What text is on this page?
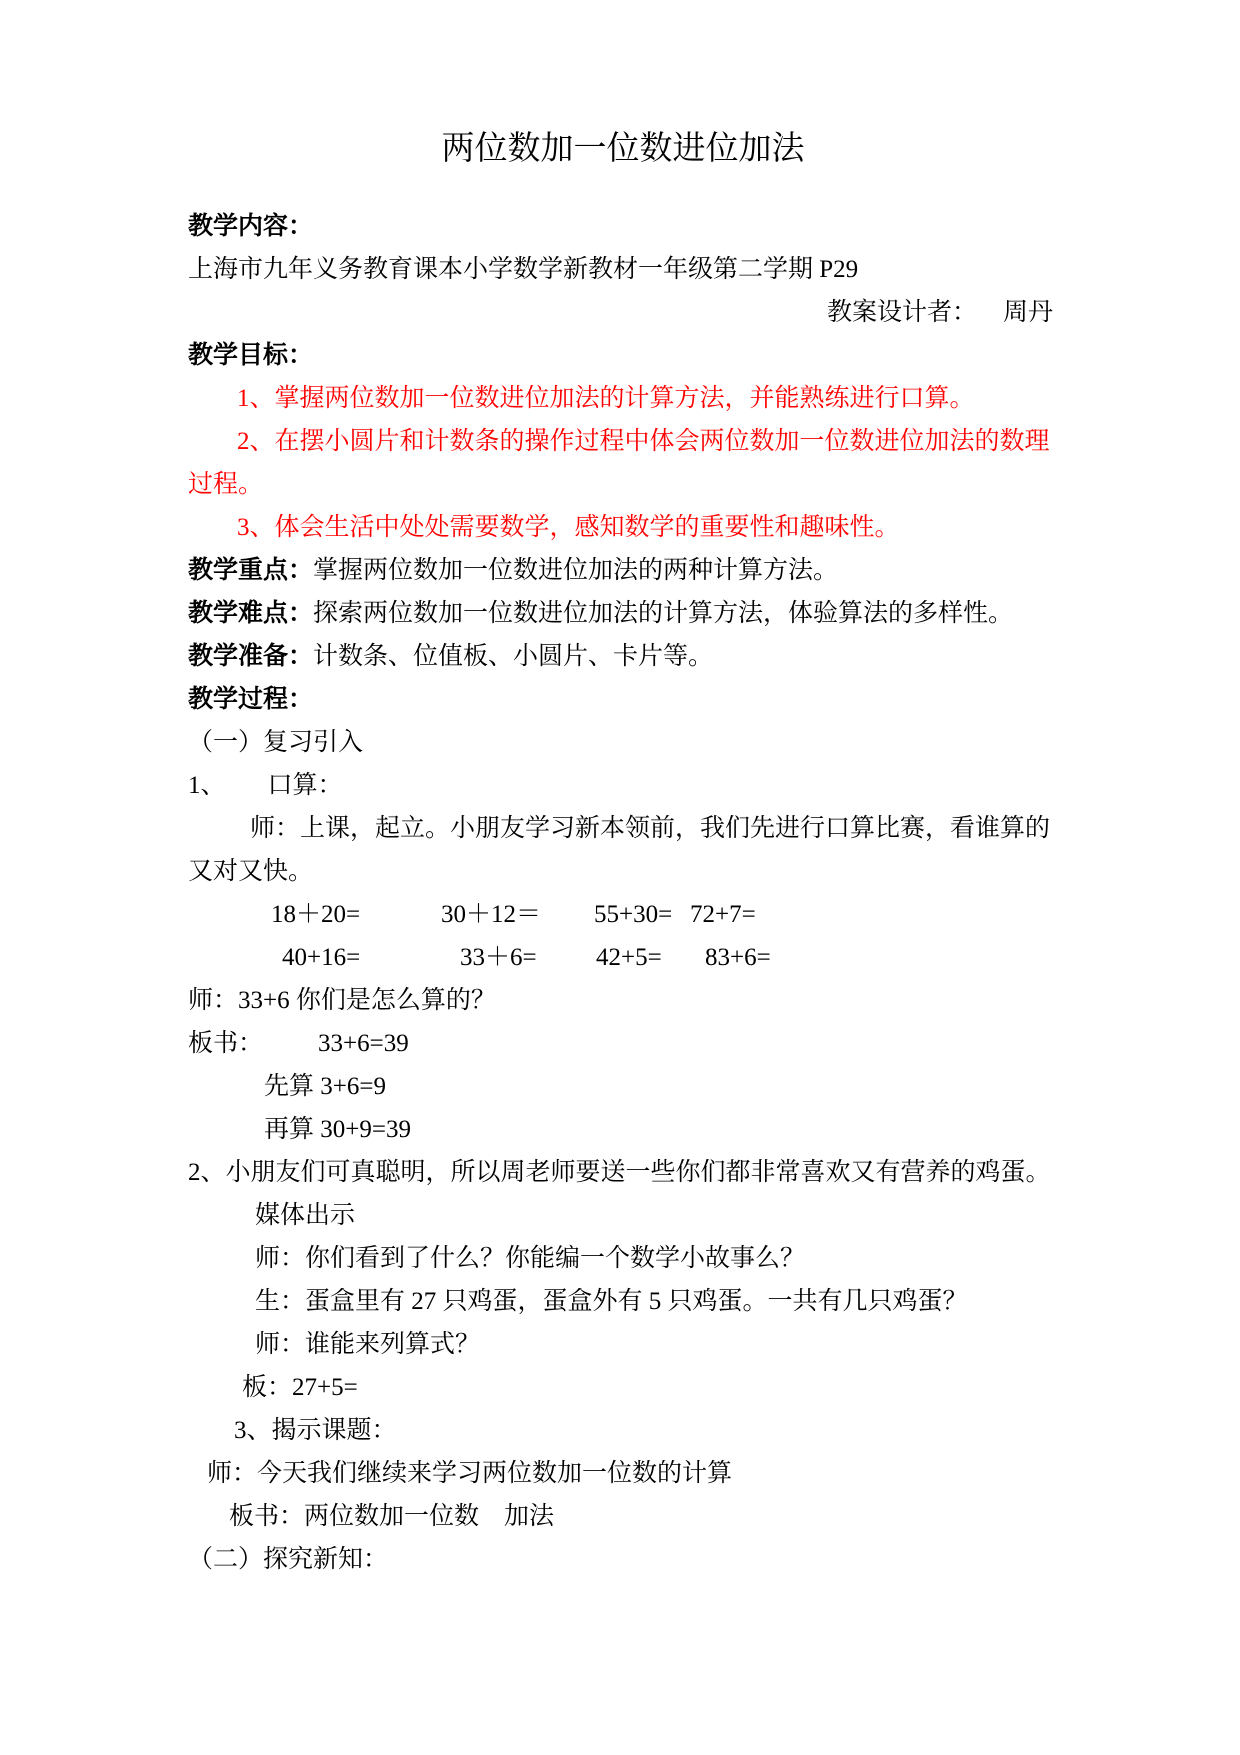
两位数加一位数进位加法
教学内容：
上海市九年义务教育课本小学数学新教材一年级第二学期 P29
教案设计者： 周丹
教学目标：
1、掌握两位数加一位数进位加法的计算方法，并能熟练进行口算。
2、在摆小圆片和计数条的操作过程中体会两位数加一位数进位加法的数理
过程。
3、体会生活中处处需要数学，感知数学的重要性和趣味性。
教学重点：掌握两位数加一位数进位加法的两种计算方法。
教学难点：探索两位数加一位数进位加法的计算方法，体验算法的多样性。
教学准备：计数条、位值板、小圆片、卡片等。
教学过程：
（一）复习引入
1、 口算：
师：上课，起立。小朋友学习新本领前，我们先进行口算比赛，看谁算的
又对又快。
18＋20=	30＋12＝ 55+30= 72+7=
40+16=	33＋6= 42+5= 83+6=
师：33+6 你们是怎么算的？
板书： 33+6=39
先算 3+6=9
再算 30+9=39
2、小朋友们可真聪明，所以周老师要送一些你们都非常喜欢又有营养的鸡蛋。
媒体出示
师：你们看到了什么？你能编一个数学小故事么？
生：蛋盒里有 27 只鸡蛋，蛋盒外有 5 只鸡蛋。一共有几只鸡蛋？
师：谁能来列算式？
板：27+5=
3、揭示课题：
师：今天我们继续来学习两位数加一位数的计算
板书：两位数加一位数　加法
（二）探究新知：
